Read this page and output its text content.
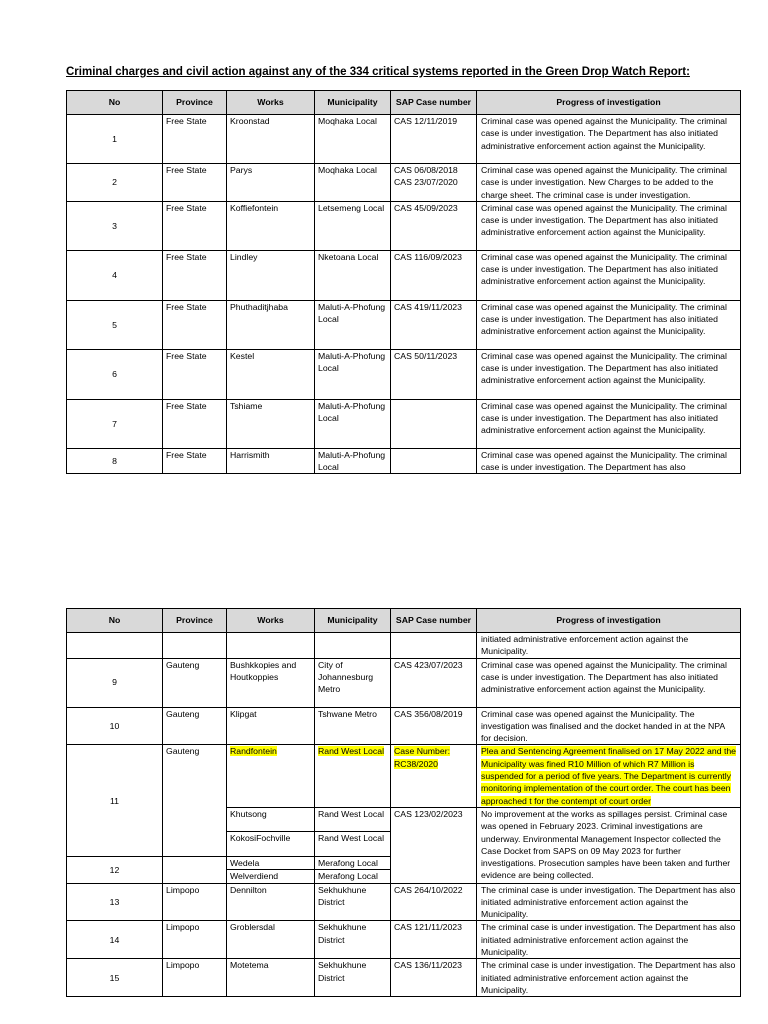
Criminal charges and civil action against any of the 334 critical systems reported in the Green Drop Watch Report:
No	Province	Works	Municipality	SAP Case number	Progress of investigation
1	Free State	Kroonstad	Moqhaka Local	CAS 12/11/2019	Criminal case was opened against the Municipality. The criminal case is under investigation. The Department has also initiated administrative enforcement action against the Municipality.
2	Free State	Parys	Moqhaka Local	CAS 06/08/2018 CAS 23/07/2020	Criminal case was opened against the Municipality. The criminal case is under investigation. New Charges to be added to the charge sheet. The criminal case is under investigation.
3	Free State	Koffiefontein	Letsemeng Local	CAS 45/09/2023	Criminal case was opened against the Municipality. The criminal case is under investigation. The Department has also initiated administrative enforcement action against the Municipality.
4	Free State	Lindley	Nketoana Local	CAS 116/09/2023	Criminal case was opened against the Municipality. The criminal case is under investigation. The Department has also initiated administrative enforcement action against the Municipality.
5	Free State	Phuthaditjhaba	Maluti-A-Phofung Local	CAS 419/11/2023	Criminal case was opened against the Municipality. The criminal case is under investigation. The Department has also initiated administrative enforcement action against the Municipality.
6	Free State	Kestel	Maluti-A-Phofung Local	CAS 50/11/2023	Criminal case was opened against the Municipality. The criminal case is under investigation. The Department has also initiated administrative enforcement action against the Municipality.
7	Free State	Tshiame	Maluti-A-Phofung Local		Criminal case was opened against the Municipality. The criminal case is under investigation. The Department has also initiated administrative enforcement action against the Municipality.
8	Free State	Harrismith	Maluti-A-Phofung Local		Criminal case was opened against the Municipality. The criminal case is under investigation. The Department has also
No	Province	Works	Municipality	SAP Case number	Progress of investigation
					initiated administrative enforcement action against the Municipality.
9	Gauteng	Bushkkopies and Houtkoppies	City of Johannesburg Metro	CAS 423/07/2023	Criminal case was opened against the Municipality. The criminal case is under investigation. The Department has also initiated administrative enforcement action against the Municipality.
10	Gauteng	Klipgat	Tshwane Metro	CAS 356/08/2019	Criminal case was opened against the Municipality. The investigation was finalised and the docket handed in at the NPA for decision.
11	Gauteng	Randfontein	Rand West Local	Case Number: RC38/2020	Plea and Sentencing Agreement finalised on 17 May 2022 and the Municipality was fined R10 Million of which R7 Million is suspended for a period of five years. The Department is currently monitoring implementation of the court order. The court has been approached t for the contempt of court order
		Khutsong	Rand West Local	CAS 123/02/2023	No improvement at the works as spillages persist. Criminal case was opened in February 2023. Criminal investigations are underway. Environmental Management Inspector collected the Case Docket from SAPS on 09 May 2023 for further investigations. Prosecution samples have been taken and further evidence are being collected.
		KokosiFochville	Rand West Local		
12		Wedela	Merafong Local		
		Welverdiend	Merafong Local		
13	Limpopo	Dennilton	Sekhukhune District	CAS 264/10/2022	The criminal case is under investigation. The Department has also initiated administrative enforcement action against the Municipality.
14	Limpopo	Groblersdal	Sekhukhune District	CAS 121/11/2023	The criminal case is under investigation. The Department has also initiated administrative enforcement action against the Municipality.
15	Limpopo	Motetema	Sekhukhune District	CAS 136/11/2023	The criminal case is under investigation. The Department has also initiated administrative enforcement action against the Municipality.
